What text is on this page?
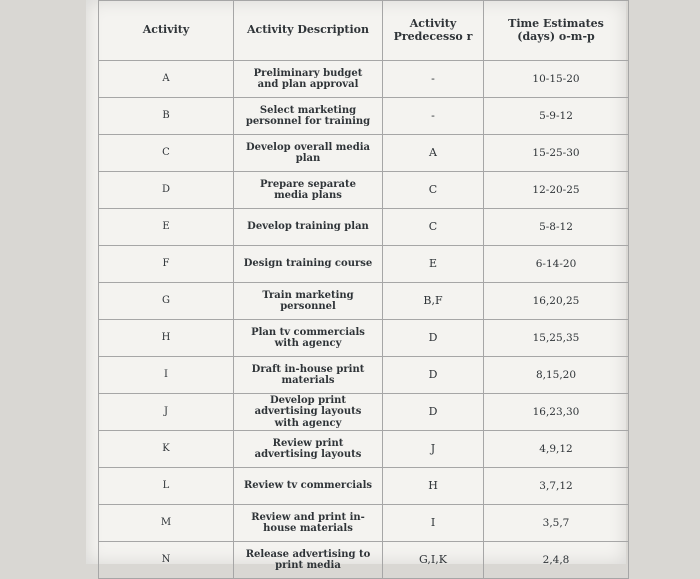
Activity	Activity Description	Activity Predecesso r	Time Estimates (days) o-m-p
A	Preliminary budget and plan approval	-	10-15-20
B	Select marketing personnel for training	-	5-9-12
C	Develop overall media plan	A	15-25-30
D	Prepare separate media plans	C	12-20-25
E	Develop training plan	C	5-8-12
F	Design training course	E	6-14-20
G	Train marketing personnel	B,F	16,20,25
H	Plan tv commercials with agency	D	15,25,35
I	Draft in-house print materials	D	8,15,20
J	Develop print advertising layouts with agency	D	16,23,30
K	Review print advertising layouts	J	4,9,12
L	Review tv commercials	H	3,7,12
M	Review and print in-house materials	I	3,5,7
N	Release advertising to print media	G,I,K	2,4,8
